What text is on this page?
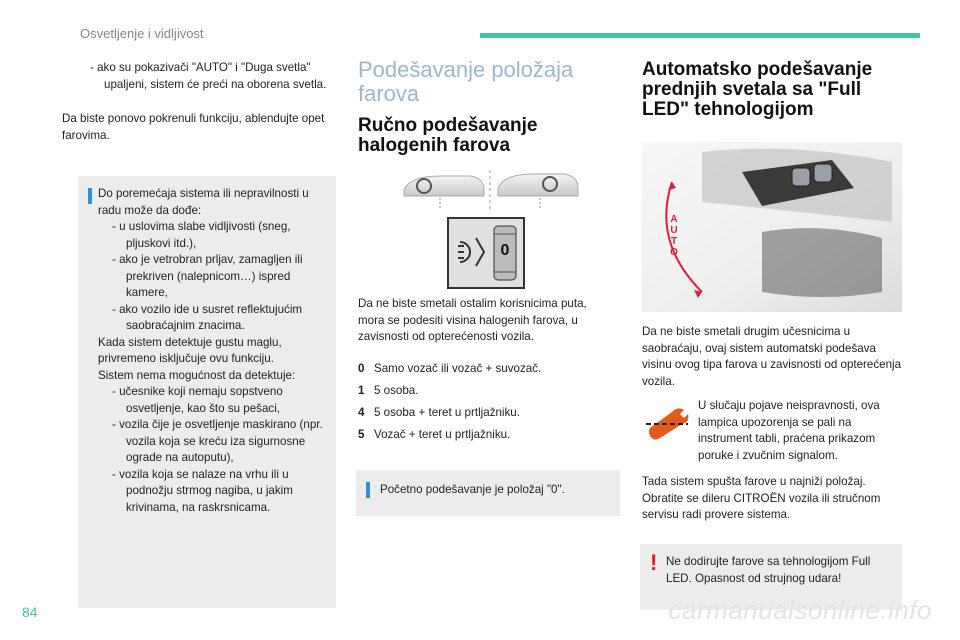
Osvetljenje i vidljivost

- ako su pokazivači "AUTO" i "Duga svetla" upaljeni, sistem će preći na oborena svetla.

Da biste ponovo pokrenuli funkciju, ablendujte opet farovima.

Do poremećaja sistema ili nepravilnosti u radu može da dođe:

- u uslovima slabe vidljivosti (sneg, pljuskovi itd.),

- ako je vetrobran prljav, zamagljen ili prekriven (nalepnicom…) ispred kamere,

- ako vozilo ide u susret reflektujućim saobraćajnim znacima.

Kada sistem detektuje gustu maglu, privremeno isključuje ovu funkciju.

Sistem nema mogućnost da detektuje:

- učesnike koji nemaju sopstveno osvetljenje, kao što su pešaci,

- vozila čije je osvetljenje maskirano (npr. vozila koja se kreću iza sigurnosne ograde na autoputu),

- vozila koja se nalaze na vrhu ili u podnožju strmog nagiba, u jakim krivinama, na raskrsnicama.

Podešavanje položaja farova
Ručno podešavanje halogenih farova
0

Da ne biste smetali ostalim korisnicima puta, mora se podesiti visina halogenih farova, u zavisnosti od opterećenosti vozila.

0 Samo vozač ili vozač + suvozač.
1 5 osoba.
4 5 osoba + teret u prtljažniku.
5 Vozač + teret u prtljažniku.

Početno podešavanje je položaj "0".

Automatsko podešavanje prednjih svetala sa "Full LED" tehnologijom
A
U
T
O

Da ne biste smetali drugim učesnicima u saobraćaju, ovaj sistem automatski podešava visinu ovog tipa farova u zavisnosti od opterećenja vozila.

U slučaju pojave neispravnosti, ova lampica upozorenja se pali na instrument tabli, praćena prikazom poruke i zvučnim signalom.

Tada sistem spušta farove u najniži položaj. Obratite se dileru CITROËN vozila ili stručnom servisu radi provere sistema.

! Ne dodirujte farove sa tehnologijom Full LED. Opasnost od strujnog udara!

84	carmanualsonline.info
